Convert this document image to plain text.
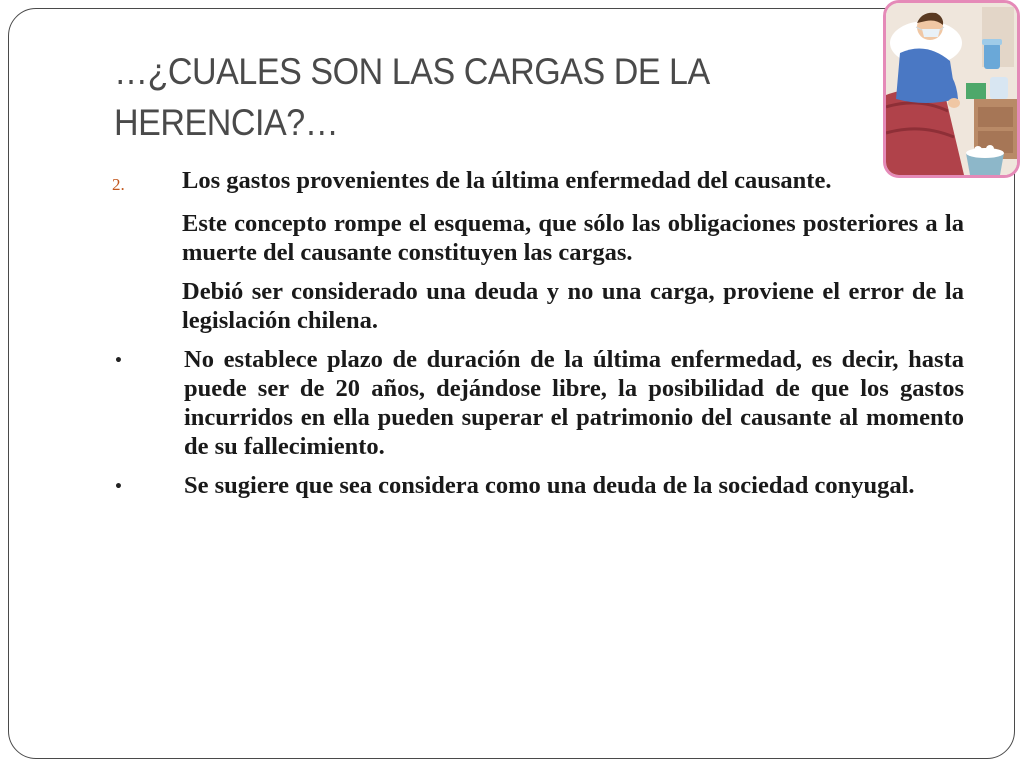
…¿CUALES SON LAS CARGAS DE LA HERENCIA?…
2.	Los gastos provenientes de la última enfermedad del causante.
Este concepto rompe el esquema, que sólo las obligaciones posteriores a la muerte del causante constituyen las cargas.
Debió ser considerado una deuda y no una carga, proviene el error de la legislación chilena.
•	No establece plazo de duración de la última enfermedad, es decir, hasta puede ser de 20 años, dejándose libre, la posibilidad de que los gastos incurridos en ella pueden superar el patrimonio del causante al momento de su fallecimiento.
•	Se sugiere que sea considera como una deuda de la sociedad conyugal.
